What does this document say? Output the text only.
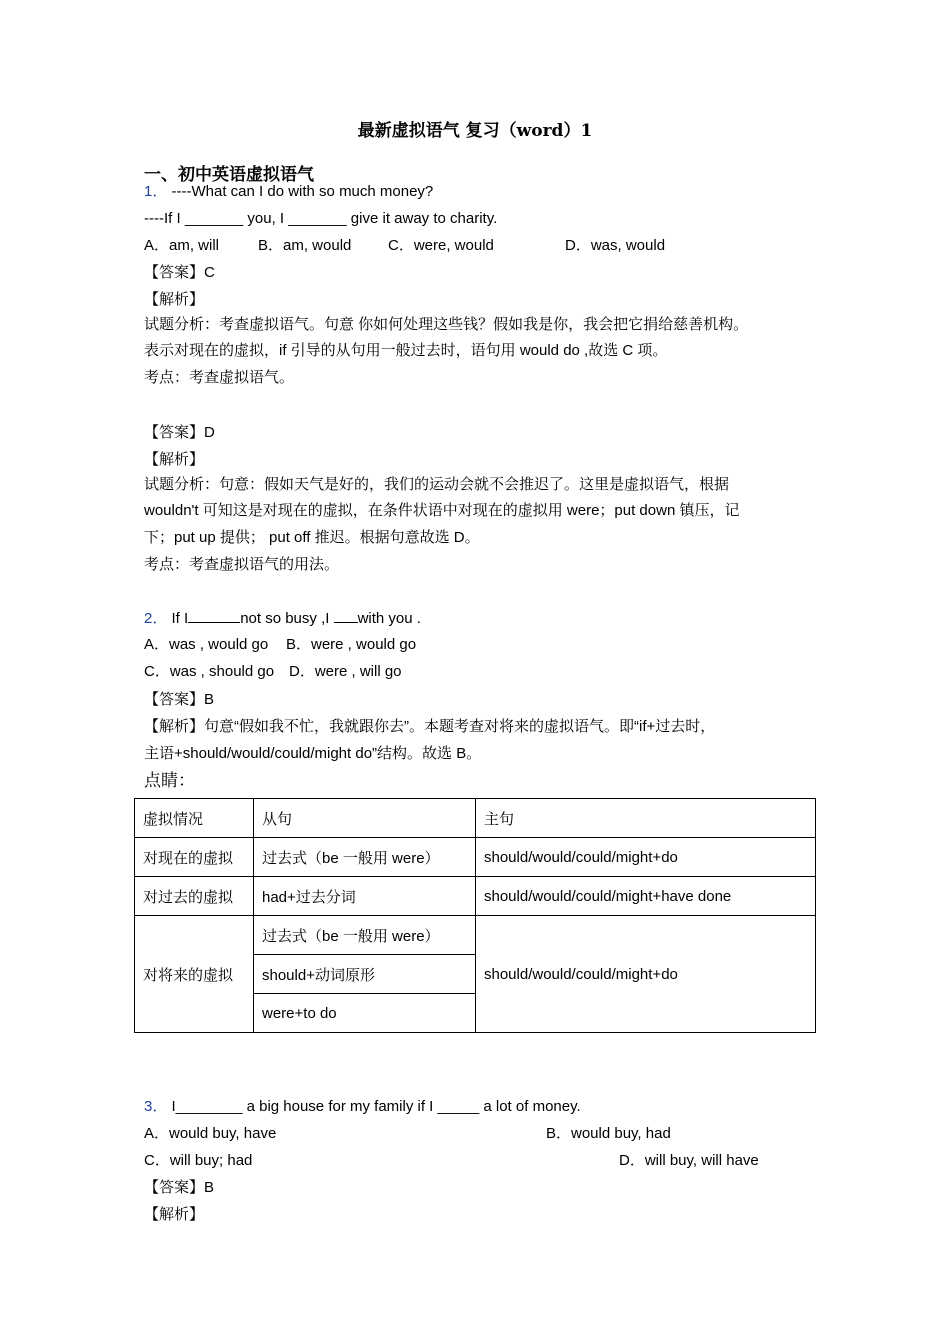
最新虚拟语气 复习（word）1
一、初中英语虚拟语气
1． ----What can I do with so much money?
----If I _______ you, I _______ give it away to charity.
A．am, will	B．am, would C．were, would	D．was, would
【答案】C
【解析】
试题分析：考查虚拟语气。句意 你如何处理这些钱？假如我是你，我会把它捐给慈善机构。
表示对现在的虚拟，if 引导的从句用一般过去时，语句用 would do ,故选 C 项。
考点：考查虚拟语气。
【答案】D
【解析】
试题分析：句意：假如天气是好的，我们的运动会就不会推迟了。这里是虚拟语气，根据
wouldn't 可知这是对现在的虚拟，在条件状语中对现在的虚拟用 were；put down 镇压，记
下；put up 提供； put off 推迟。根据句意故选 D。
考点：考查虚拟语气的用法。
2． If I	not so busy ,I with you .
A．was , would go B．were , would go
C．was , should go D．were , will go
【答案】B
【解析】句意“假如我不忙，我就跟你去”。本题考查对将来的虚拟语气。即“if+过去时，
主语+should/would/could/might do”结构。故选 B。
点睛：
虚拟情况	从句	主句
对现在的虚拟	过去式（be 一般用 were）	should/would/could/might+do
对过去的虚拟	had+过去分词	should/would/could/might+have done
对将来的虚拟	过去式（be 一般用 were）	should/would/could/might+do
	should+动词原形	
	were+to do	
3． I________ a big house for my family if I _____ a lot of money.
A．would buy, have	B．would buy, had
C．will buy; had	D．will buy, will have
【答案】B
【解析】
